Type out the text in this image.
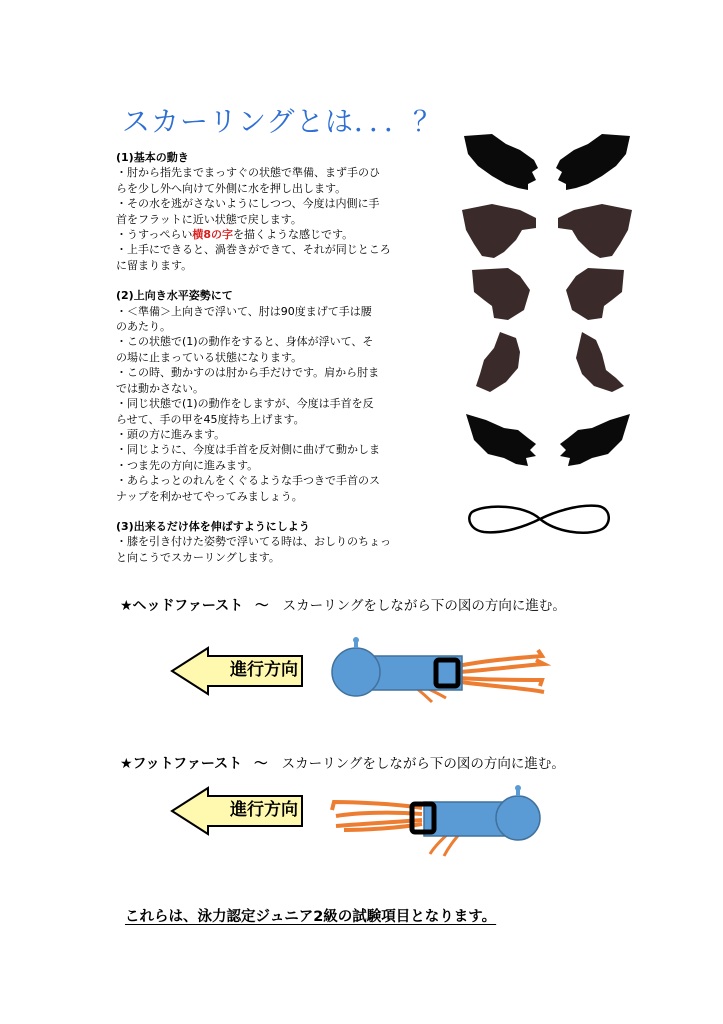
スカーリングとは．．．？

(1)基本の動き
・肘から指先までまっすぐの状態で準備、まず手のひ
らを少し外へ向けて外側に水を押し出します。
・その水を逃がさないようにしつつ、今度は内側に手
首をフラットに近い状態で戻します。
・うすっぺらい横8の字を描くような感じです。
・上手にできると、渦巻きができて、それが同じところ
に留まります。

(2)上向き水平姿勢にて
・＜準備＞上向きで浮いて、肘は90度まげて手は腰
のあたり。
・この状態で(1)の動作をすると、身体が浮いて、そ
の場に止まっている状態になります。
・この時、動かすのは肘から手だけです。肩から肘ま
では動かさない。
・同じ状態で(1)の動作をしますが、今度は手首を反
らせて、手の甲を45度持ち上げます。
・頭の方に進みます。
・同じように、今度は手首を反対側に曲げて動かしま
・つま先の方向に進みます。
・あらよっとのれんをくぐるような手つきで手首のス
ナップを利かせてやってみましょう。

(3)出来るだけ体を伸ばすようにしよう
・膝を引き付けた姿勢で浮いてる時は、おしりのちょっ
と向こうでスカーリングします。

★ヘッドファースト ～ スカーリングをしながら下の図の方向に進む。
進行方向
★フットファースト ～ スカーリングをしながら下の図の方向に進む。
進行方向

これらは、泳力認定ジュニア2級の試験項目となります。
